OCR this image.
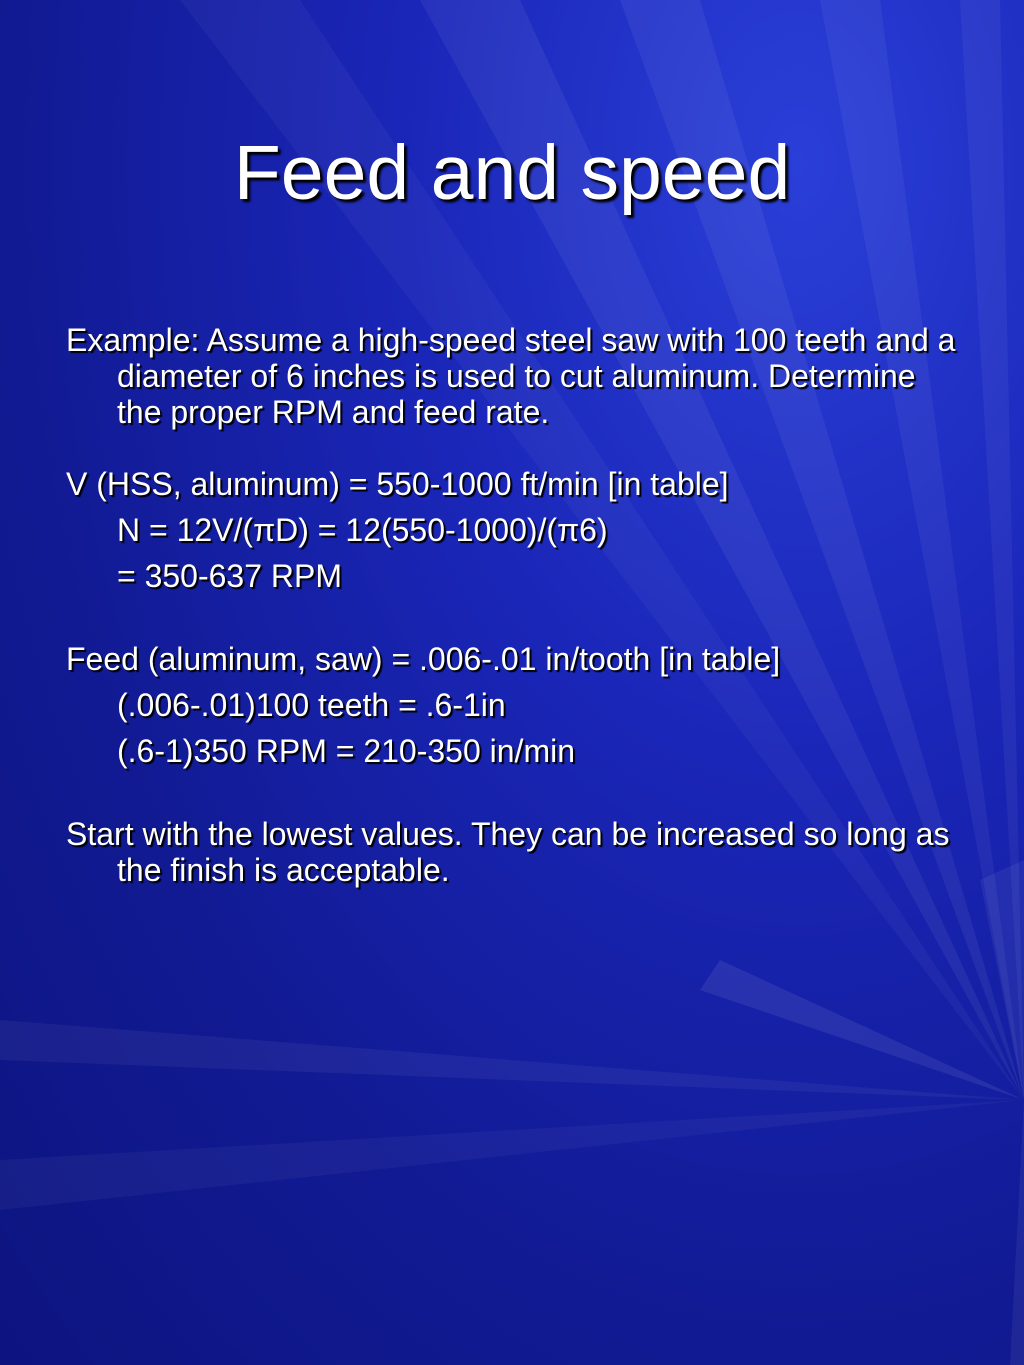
Feed and speed

Example: Assume a high-speed steel saw with 100 teeth and a diameter of 6 inches is used to cut aluminum. Determine the proper RPM and feed rate.

V (HSS, aluminum) = 550-1000 ft/min [in table]

N = 12V/(πD) = 12(550-1000)/(π6)

= 350-637 RPM

Feed (aluminum, saw) = .006-.01 in/tooth [in table]

(.006-.01)100 teeth = .6-1in

(.6-1)350 RPM = 210-350 in/min

Start with the lowest values. They can be increased so long as the finish is acceptable.
